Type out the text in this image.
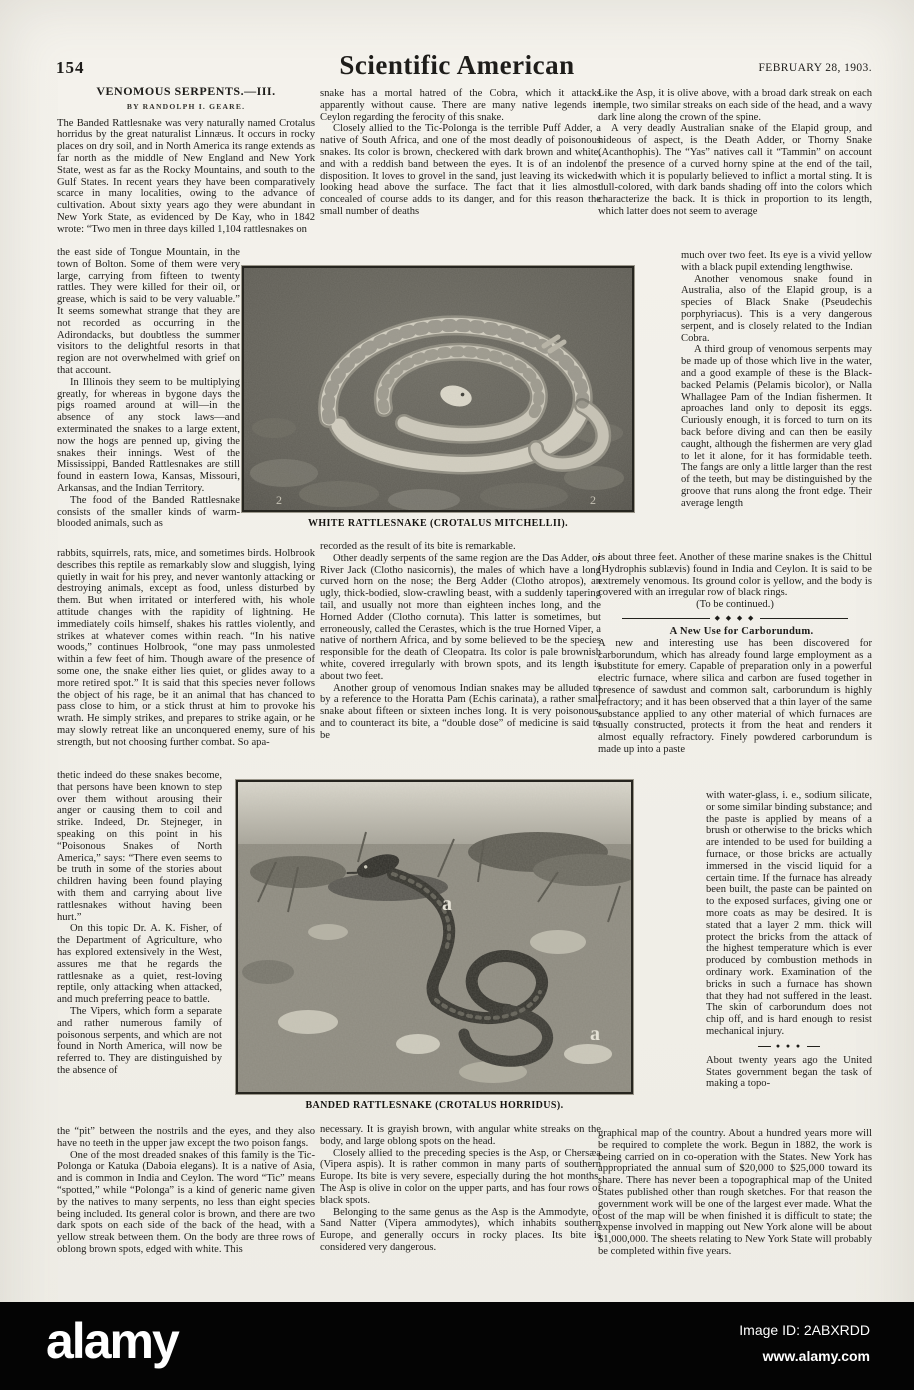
154	Scientific American	FEBRUARY 28, 1903.
VENOMOUS SERPENTS.—III.
BY RANDOLPH I. GEARE.

The Banded Rattlesnake was very naturally named Crotalus horridus by the great naturalist Linnæus. It occurs in rocky places on dry soil, and in North America its range extends as far north as the middle of New England and New York State, west as far as the Rocky Mountains, and south to the Gulf States. In recent years they have been comparatively scarce in many localities, owing to the advance of cultivation. About sixty years ago they were abundant in New York State, as evidenced by De Kay, who in 1842 wrote: “Two men in three days killed 1,104 rattlesnakes on

the east side of Tongue Mountain, in the town of Bolton. Some of them were very large, carrying from fifteen to twenty rattles. They were killed for their oil, or grease, which is said to be very valuable.” It seems somewhat strange that they are not recorded as occurring in the Adirondacks, but doubtless the summer visitors to the delightful resorts in that region are not overwhelmed with grief on that account.

In Illinois they seem to be multiplying greatly, for whereas in bygone days the pigs roamed around at will—in the absence of any stock laws—and exterminated the snakes to a large extent, now the hogs are penned up, giving the snakes their innings. West of the Mississippi, Banded Rattlesnakes are still found in eastern Iowa, Kansas, Missouri, Arkansas, and the Indian Territory.

The food of the Banded Rattlesnake consists of the smaller kinds of warm-blooded animals, such as

rabbits, squirrels, rats, mice, and sometimes birds. Holbrook describes this reptile as remarkably slow and sluggish, lying quietly in wait for his prey, and never wantonly attacking or destroying animals, except as food, unless disturbed by them. But when irritated or interfered with, his whole attitude changes with the rapidity of lightning. He immediately coils himself, shakes his rattles violently, and strikes at whatever comes within reach. “In his native woods,” continues Holbrook, “one may pass unmolested within a few feet of him. Though aware of the presence of some one, the snake either lies quiet, or glides away to a more retired spot.” It is said that this species never follows the object of his rage, be it an animal that has chanced to pass close to him, or a stick thrust at him to provoke his wrath. He simply strikes, and prepares to strike again, or he may slowly retreat like an unconquered enemy, sure of his strength, but not choosing further combat. So apa-

thetic indeed do these snakes become, that persons have been known to step over them without arousing their anger or causing them to coil and strike. Indeed, Dr. Stejneger, in speaking on this point in his “Poisonous Snakes of North America,” says: “There even seems to be truth in some of the stories about children having been found playing with them and carrying about live rattlesnakes without having been hurt.”

On this topic Dr. A. K. Fisher, of the Department of Agriculture, who has explored extensively in the West, assures me that he regards the rattlesnake as a quiet, rest-loving reptile, only attacking when attacked, and much preferring peace to battle.

The Vipers, which form a separate and rather numerous family of poisonous serpents, and which are not found in North America, will now be referred to. They are distinguished by the absence of

the “pit” between the nostrils and the eyes, and they also have no teeth in the upper jaw except the two poison fangs.

One of the most dreaded snakes of this family is the Tic-Polonga or Katuka (Daboia elegans). It is a native of Asia, and is common in India and Ceylon. The word “Tic” means “spotted,” while “Polonga” is a kind of generic name given by the natives to many serpents, no less than eight species being included. Its general color is brown, and there are two dark spots on each side of the back of the head, with a yellow streak between them. On the body are three rows of oblong brown spots, edged with white. This

snake has a mortal hatred of the Cobra, which it attacks apparently without cause. There are many native legends in Ceylon regarding the ferocity of this snake.

Closely allied to the Tic-Polonga is the terrible Puff Adder, a native of South Africa, and one of the most deadly of poisonous snakes. Its color is brown, checkered with dark brown and white, and with a reddish band between the eyes. It is of an indolent disposition. It loves to grovel in the sand, just leaving its wicked-looking head above the surface. The fact that it lies almost concealed of course adds to its danger, and for this reason the small number of deaths

2	2
WHITE RATTLESNAKE (CROTALUS MITCHELLII).

recorded as the result of its bite is remarkable.

Other deadly serpents of the same region are the Das Adder, or River Jack (Clotho nasicornis), the males of which have a long curved horn on the nose; the Berg Adder (Clotho atropos), an ugly, thick-bodied, slow-crawling beast, with a suddenly tapering tail, and usually not more than eighteen inches long, and the Horned Adder (Clotho cornuta). This latter is sometimes, but erroneously, called the Cerastes, which is the true Horned Viper, a native of northern Africa, and by some believed to be the species responsible for the death of Cleopatra. Its color is pale brownish white, covered irregularly with brown spots, and its length is about two feet.

Another group of venomous Indian snakes may be alluded to by a reference to the Horatta Pam (Echis carinata), a rather small snake about fifteen or sixteen inches long. It is very poisonous, and to counteract its bite, a “double dose” of medicine is said to be

a
a
BANDED RATTLESNAKE (CROTALUS HORRIDUS).

necessary. It is grayish brown, with angular white streaks on the body, and large oblong spots on the head.

Closely allied to the preceding species is the Asp, or Chersæa (Vipera aspis). It is rather common in many parts of southern Europe. Its bite is very severe, especially during the hot months. The Asp is olive in color on the upper parts, and has four rows of black spots.

Belonging to the same genus as the Asp is the Ammodyte, or Sand Natter (Vipera ammodytes), which inhabits southern Europe, and generally occurs in rocky places. Its bite is considered very dangerous.

Like the Asp, it is olive above, with a broad dark streak on each temple, two similar streaks on each side of the head, and a wavy dark line along the crown of the spine.

A very deadly Australian snake of the Elapid group, and hideous of aspect, is the Death Adder, or Thorny Snake (Acanthophis). The “Yas” natives call it “Tammin” on account of the presence of a curved horny spine at the end of the tail, with which it is popularly believed to inflict a mortal sting. It is dull-colored, with dark bands shading off into the colors which characterize the back. It is thick in proportion to its length, which latter does not seem to average

much over two feet. Its eye is a vivid yellow with a black pupil extending lengthwise.

Another venomous snake found in Australia, also of the Elapid group, is a species of Black Snake (Pseudechis porphyriacus). This is a very dangerous serpent, and is closely related to the Indian Cobra.

A third group of venomous serpents may be made up of those which live in the water, and a good example of these is the Black-backed Pelamis (Pelamis bicolor), or Nalla Whallagee Pam of the Indian fishermen. It aproaches land only to deposit its eggs. Curiously enough, it is forced to turn on its back before diving and can then be easily caught, although the fishermen are very glad to let it alone, for it has formidable teeth. The fangs are only a little larger than the rest of the teeth, but may be distinguished by the groove that runs along the front edge. Their average length

is about three feet. Another of these marine snakes is the Chittul (Hydrophis sublævis) found in India and Ceylon. It is said to be extremely venomous. Its ground color is yellow, and the body is covered with an irregular row of black rings.

(To be continued.)

◆ ◆ ◆ ◆

A New Use for Carborundum.

A new and interesting use has been discovered for carborundum, which has already found large employment as a substitute for emery. Capable of preparation only in a powerful electric furnace, where silica and carbon are fused together in presence of sawdust and common salt, carborundum is highly refractory; and it has been observed that a thin layer of the same substance applied to any other material of which furnaces are usually constructed, protects it from the heat and renders it almost equally refractory. Finely powdered carborundum is made up into a paste

with water-glass, i. e., sodium silicate, or some similar binding substance; and the paste is applied by means of a brush or otherwise to the bricks which are intended to be used for building a furnace, or those bricks are actually immersed in the viscid liquid for a certain time. If the furnace has already been built, the paste can be painted on to the exposed surfaces, giving one or more coats as may be desired. It is stated that a layer 2 mm. thick will protect the bricks from the attack of the highest temperature which is ever produced by combustion methods in ordinary work. Examination of the bricks in such a furnace has shown that they had not suffered in the least. The skin of carborundum does not chip off, and is hard enough to resist mechanical injury.

● ● ●

About twenty years ago the United States government began the task of making a topo-

graphical map of the country. About a hundred years more will be required to complete the work. Begun in 1882, the work is being carried on in co-operation with the States. New York has appropriated the annual sum of $20,000 to $25,000 toward its share. There has never been a topographical map of the United States published other than rough sketches. For that reason the government work will be one of the largest ever made. What the cost of the map will be when finished it is difficult to state; the expense involved in mapping out New York alone will be about $1,000,000. The sheets relating to New York State will probably be completed within five years.

alamy	Image ID: 2ABXRDD
www.alamy.com
